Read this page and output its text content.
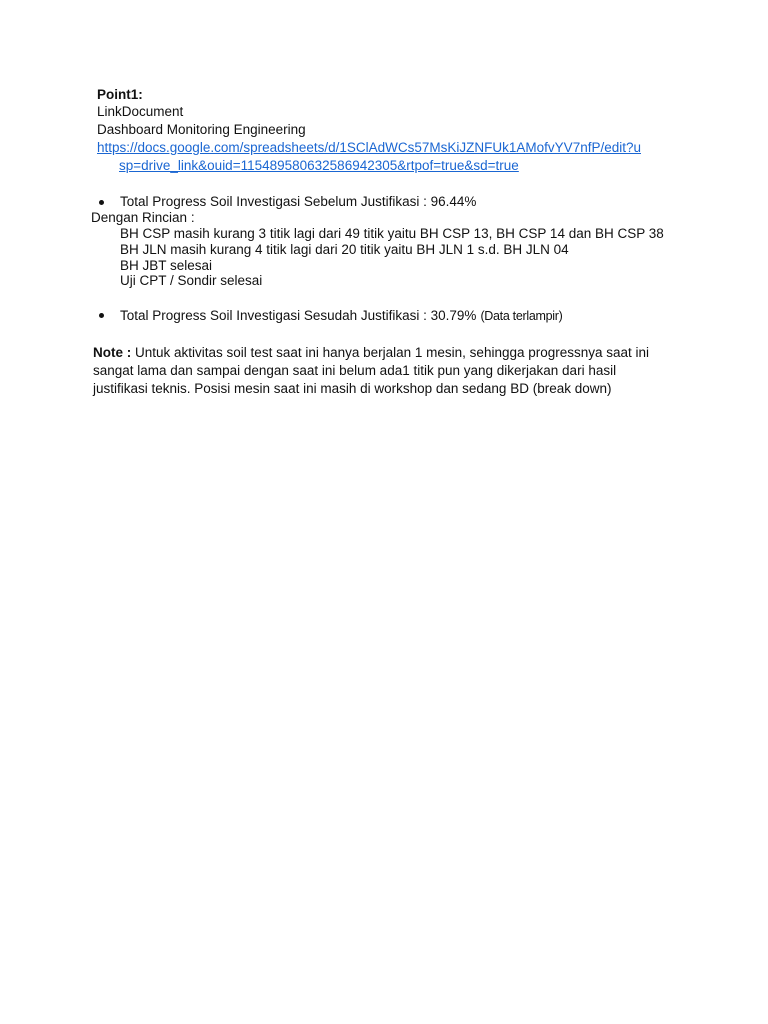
Point1:
LinkDocument
Dashboard Monitoring Engineering
https://docs.google.com/spreadsheets/d/1SClAdWCs57MsKiJZNFUk1AMofvYV7nfP/edit?u
sp=drive_link&ouid=115489580632586942305&rtpof=true&sd=true
Total Progress Soil Investigasi Sebelum Justifikasi : 96.44%
Dengan Rincian :
BH CSP masih kurang 3 titik lagi dari 49 titik yaitu BH CSP 13, BH CSP 14 dan BH CSP 38
BH JLN masih kurang 4 titik lagi dari 20 titik yaitu BH JLN 1 s.d. BH JLN 04
BH JBT selesai
Uji CPT / Sondir selesai
Total Progress Soil Investigasi Sesudah Justifikasi : 30.79% (Data terlampir)
Note : Untuk aktivitas soil test saat ini hanya berjalan 1 mesin, sehingga progressnya saat ini sangat lama dan sampai dengan saat ini belum ada1 titik pun yang dikerjakan dari hasil justifikasi teknis. Posisi mesin saat ini masih di workshop dan sedang BD (break down)
